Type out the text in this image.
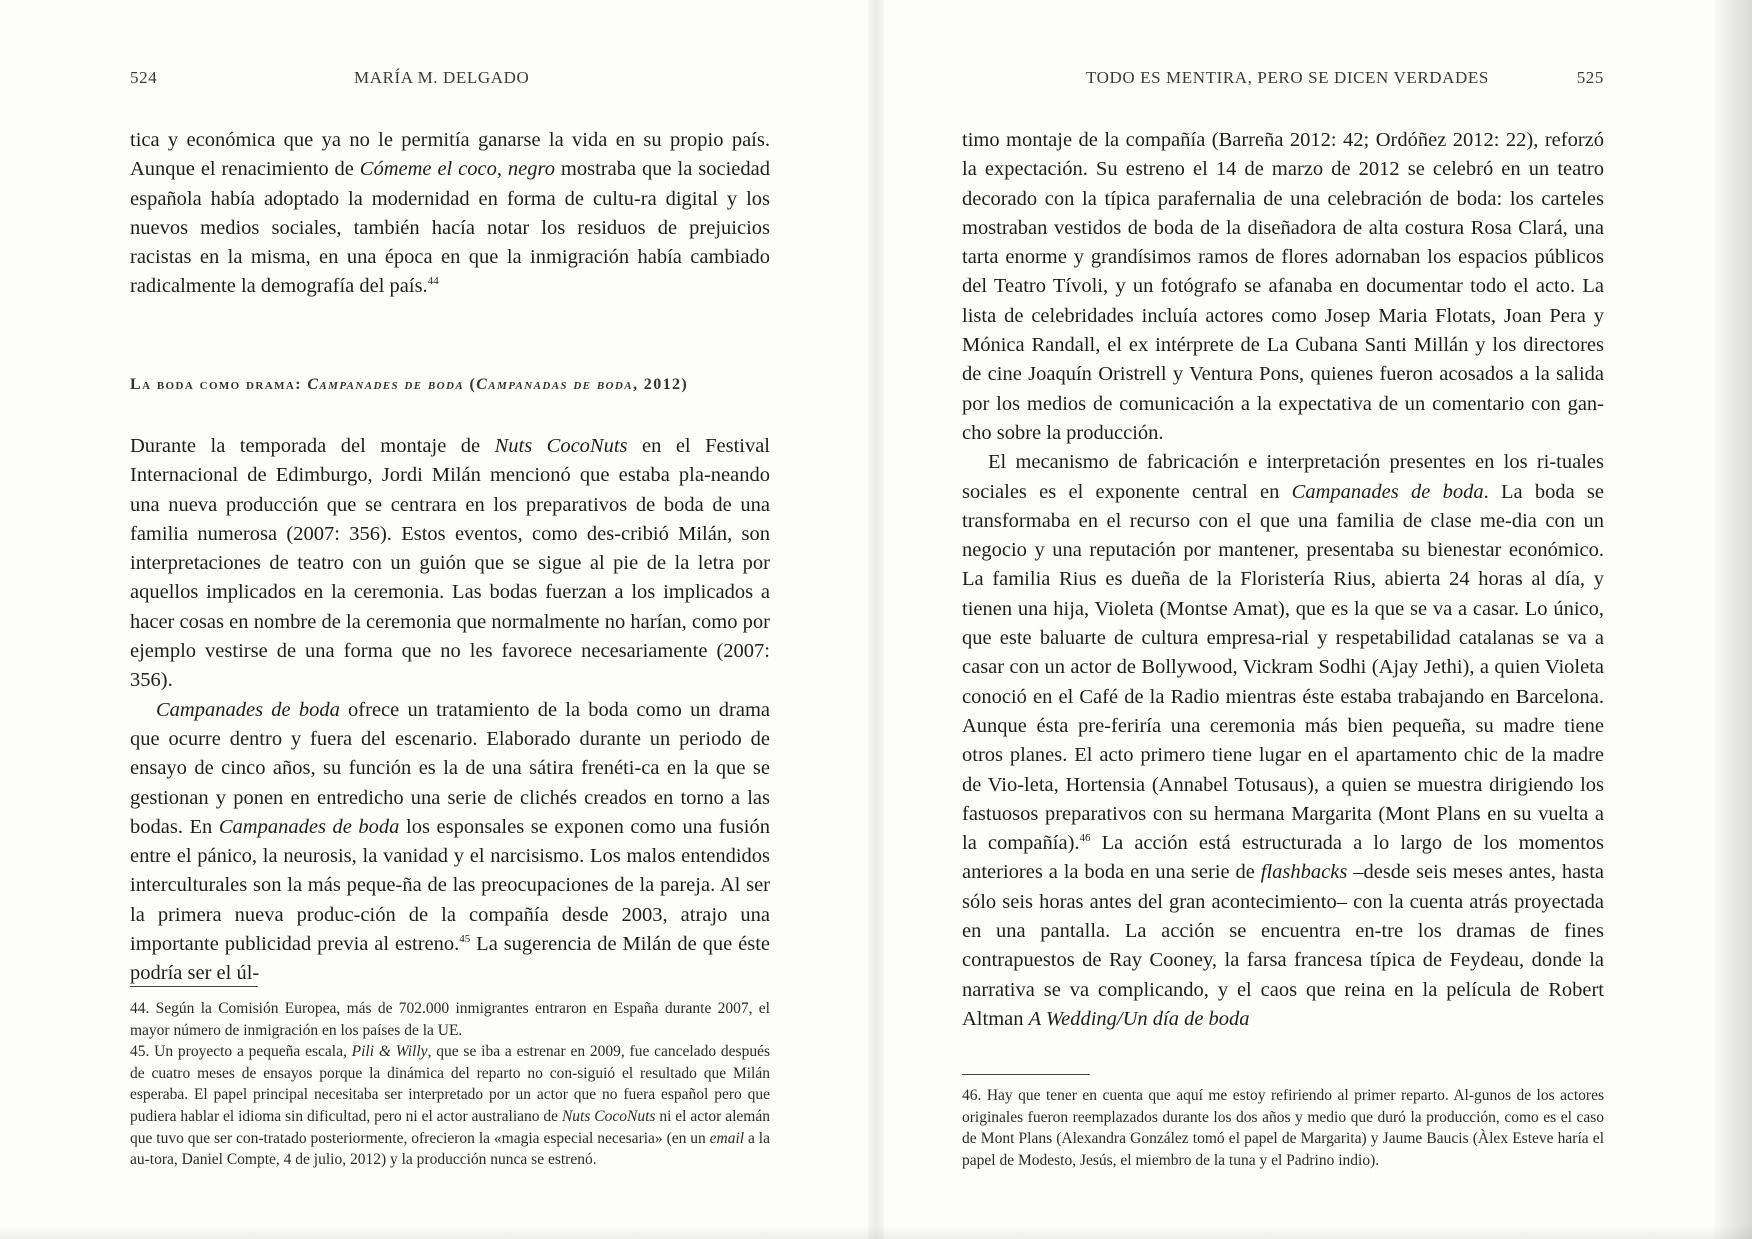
524	MARÍA M. DELGADO

tica y económica que ya no le permitía ganarse la vida en su propio país. Aunque el renacimiento de Cómeme el coco, negro mostraba que la sociedad española había adoptado la modernidad en forma de cultu-ra digital y los nuevos medios sociales, también hacía notar los residuos de prejuicios racistas en la misma, en una época en que la inmigración había cambiado radicalmente la demografía del país.$^{44}$

La boda como drama: Campanades de boda (Campanadas de boda, 2012)

Durante la temporada del montaje de Nuts CocoNuts en el Festival Internacional de Edimburgo, Jordi Milán mencionó que estaba pla-neando una nueva producción que se centrara en los preparativos de boda de una familia numerosa (2007: 356). Estos eventos, como des-cribió Milán, son interpretaciones de teatro con un guión que se sigue al pie de la letra por aquellos implicados en la ceremonia. Las bodas fuerzan a los implicados a hacer cosas en nombre de la ceremonia que normalmente no harían, como por ejemplo vestirse de una forma que no les favorece necesariamente (2007: 356).

Campanades de boda ofrece un tratamiento de la boda como un drama que ocurre dentro y fuera del escenario. Elaborado durante un periodo de ensayo de cinco años, su función es la de una sátira frenéti-ca en la que se gestionan y ponen en entredicho una serie de clichés creados en torno a las bodas. En Campanades de boda los esponsales se exponen como una fusión entre el pánico, la neurosis, la vanidad y el narcisismo. Los malos entendidos interculturales son la más peque-ña de las preocupaciones de la pareja. Al ser la primera nueva produc-ción de la compañía desde 2003, atrajo una importante publicidad previa al estreno.$^{45}$ La sugerencia de Milán de que éste podría ser el úl-

44. Según la Comisión Europea, más de 702.000 inmigrantes entraron en España durante 2007, el mayor número de inmigración en los países de la UE.

45. Un proyecto a pequeña escala, Pili & Willy, que se iba a estrenar en 2009, fue cancelado después de cuatro meses de ensayos porque la dinámica del reparto no con-siguió el resultado que Milán esperaba. El papel principal necesitaba ser interpretado por un actor que no fuera español pero que pudiera hablar el idioma sin dificultad, pero ni el actor australiano de Nuts CocoNuts ni el actor alemán que tuvo que ser con-tratado posteriormente, ofrecieron la «magia especial necesaria» (en un email a la au-tora, Daniel Compte, 4 de julio, 2012) y la producción nunca se estrenó.

TODO ES MENTIRA, PERO SE DICEN VERDADES	525

timo montaje de la compañía (Barreña 2012: 42; Ordóñez 2012: 22), reforzó la expectación. Su estreno el 14 de marzo de 2012 se celebró en un teatro decorado con la típica parafernalia de una celebración de boda: los carteles mostraban vestidos de boda de la diseñadora de alta costura Rosa Clará, una tarta enorme y grandísimos ramos de flores adornaban los espacios públicos del Teatro Tívoli, y un fotógrafo se afanaba en documentar todo el acto. La lista de celebridades incluía actores como Josep Maria Flotats, Joan Pera y Mónica Randall, el ex intérprete de La Cubana Santi Millán y los directores de cine Joaquín Oristrell y Ventura Pons, quienes fueron acosados a la salida por los medios de comunicación a la expectativa de un comentario con gan-cho sobre la producción.

El mecanismo de fabricación e interpretación presentes en los ri-tuales sociales es el exponente central en Campanades de boda. La boda se transformaba en el recurso con el que una familia de clase me-dia con un negocio y una reputación por mantener, presentaba su bienestar económico. La familia Rius es dueña de la Floristería Rius, abierta 24 horas al día, y tienen una hija, Violeta (Montse Amat), que es la que se va a casar. Lo único, que este baluarte de cultura empresa-rial y respetabilidad catalanas se va a casar con un actor de Bollywood, Vickram Sodhi (Ajay Jethi), a quien Violeta conoció en el Café de la Radio mientras éste estaba trabajando en Barcelona. Aunque ésta pre-feriría una ceremonia más bien pequeña, su madre tiene otros planes. El acto primero tiene lugar en el apartamento chic de la madre de Vio-leta, Hortensia (Annabel Totusaus), a quien se muestra dirigiendo los fastuosos preparativos con su hermana Margarita (Mont Plans en su vuelta a la compañía).$^{46}$ La acción está estructurada a lo largo de los momentos anteriores a la boda en una serie de flashbacks –desde seis meses antes, hasta sólo seis horas antes del gran acontecimiento– con la cuenta atrás proyectada en una pantalla. La acción se encuentra en-tre los dramas de fines contrapuestos de Ray Cooney, la farsa francesa típica de Feydeau, donde la narrativa se va complicando, y el caos que reina en la película de Robert Altman A Wedding/Un día de boda

46. Hay que tener en cuenta que aquí me estoy refiriendo al primer reparto. Al-gunos de los actores originales fueron reemplazados durante los dos años y medio que duró la producción, como es el caso de Mont Plans (Alexandra González tomó el papel de Margarita) y Jaume Baucis (Àlex Esteve haría el papel de Modesto, Jesús, el miembro de la tuna y el Padrino indio).
